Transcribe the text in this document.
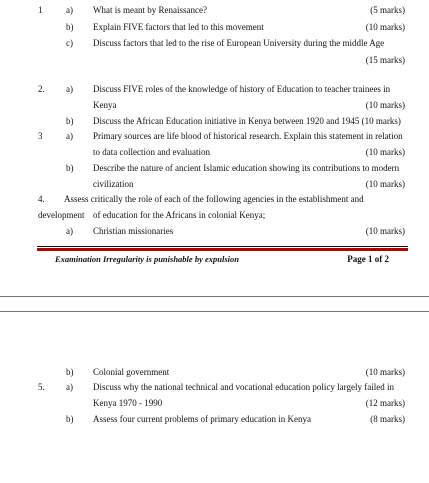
1	a) What is meant by Renaissance?	(5 marks)
b) Explain FIVE factors that led to this movement	(10 marks)
c) Discuss factors that led to the rise of European University during the middle Age
(15 marks)
2. a) Discuss FIVE roles of the knowledge of history of Education to teacher trainees in
Kenya	(10 marks)
b) Discuss the African Education initiative in Kenya between 1920 and 1945 (10 marks)
3	a) Primary sources are life blood of historical research. Explain this statement in relation
to data collection and evaluation	(10 marks)
b) Describe the nature of ancient Islamic education showing its contributions to modern
civilization	(10 marks)
4. Assess critically the role of each of the following agencies in the establishment and
development of education for the Africans in colonial Kenya;
a) Christian missionaries	(10 marks)
Examination Irregularity is punishable by expulsion	Page 1 of 2
b) Colonial government	(10 marks)
5. a) Discuss why the national technical and vocational education policy largely failed in
Kenya 1970 - 1990	(12 marks)
b) Assess four current problems of primary education in Kenya	(8 marks)
